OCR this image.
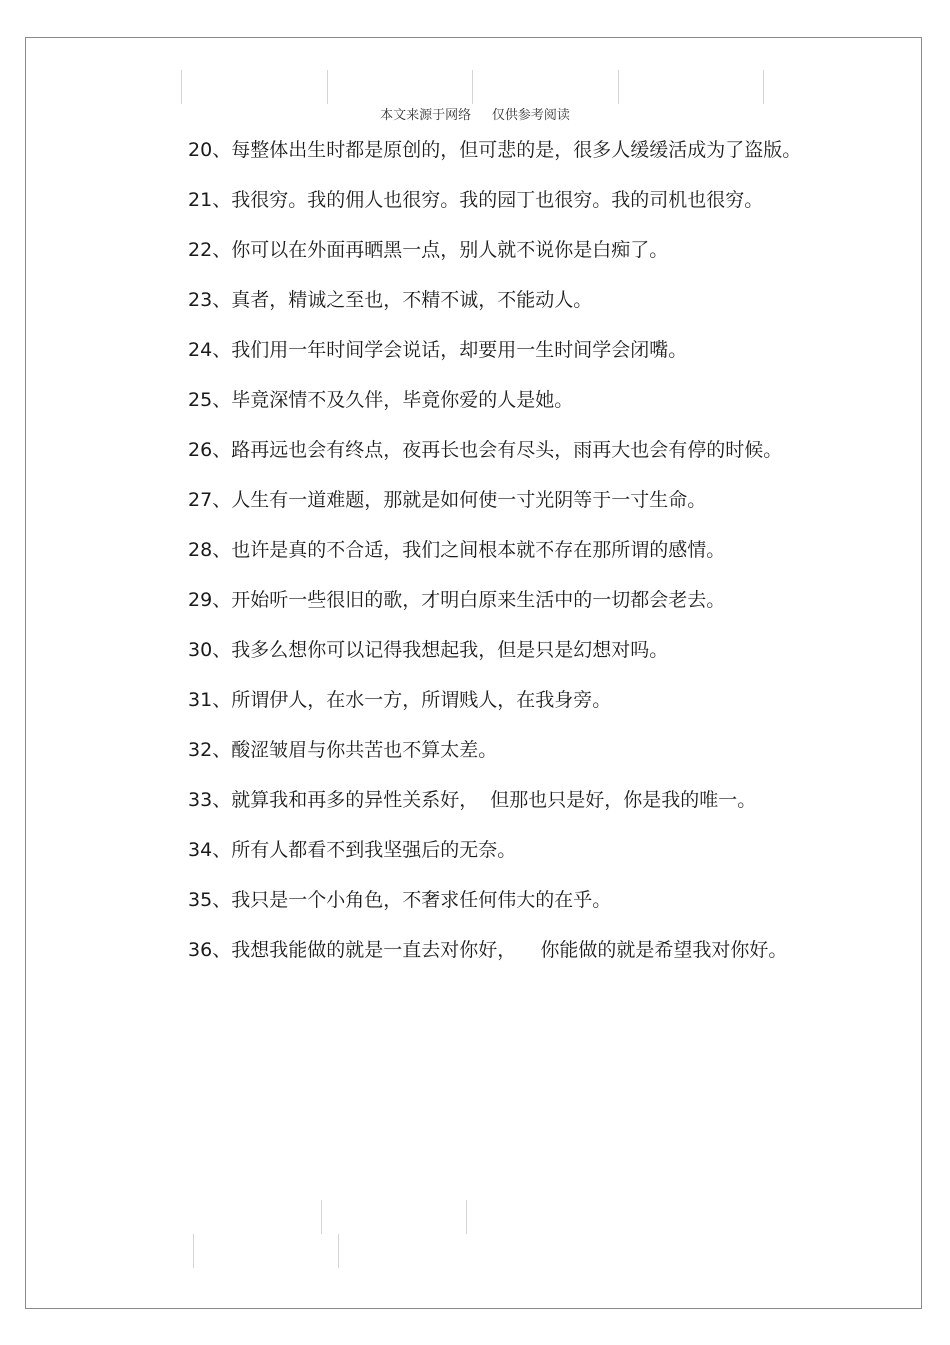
本文来源于网络     仅供参考阅读

20、每整体出生时都是原创的，但可悲的是，很多人缓缓活成为了盗版。

21、我很穷。我的佣人也很穷。我的园丁也很穷。我的司机也很穷。

22、你可以在外面再晒黑一点，别人就不说你是白痴了。

23、真者，精诚之至也，不精不诚，不能动人。

24、我们用一年时间学会说话，却要用一生时间学会闭嘴。

25、毕竟深情不及久伴，毕竟你爱的人是她。

26、路再远也会有终点，夜再长也会有尽头，雨再大也会有停的时候。

27、人生有一道难题，那就是如何使一寸光阴等于一寸生命。

28、也许是真的不合适，我们之间根本就不存在那所谓的感情。

29、开始听一些很旧的歌，才明白原来生活中的一切都会老去。

30、我多么想你可以记得我想起我，但是只是幻想对吗。

31、所谓伊人，在水一方，所谓贱人，在我身旁。

32、酸涩皱眉与你共苦也不算太差。

33、就算我和再多的异性关系好，  但那也只是好，你是我的唯一。

34、所有人都看不到我坚强后的无奈。

35、我只是一个小角色，不奢求任何伟大的在乎。

36、我想我能做的就是一直去对你好，    你能做的就是希望我对你好。
